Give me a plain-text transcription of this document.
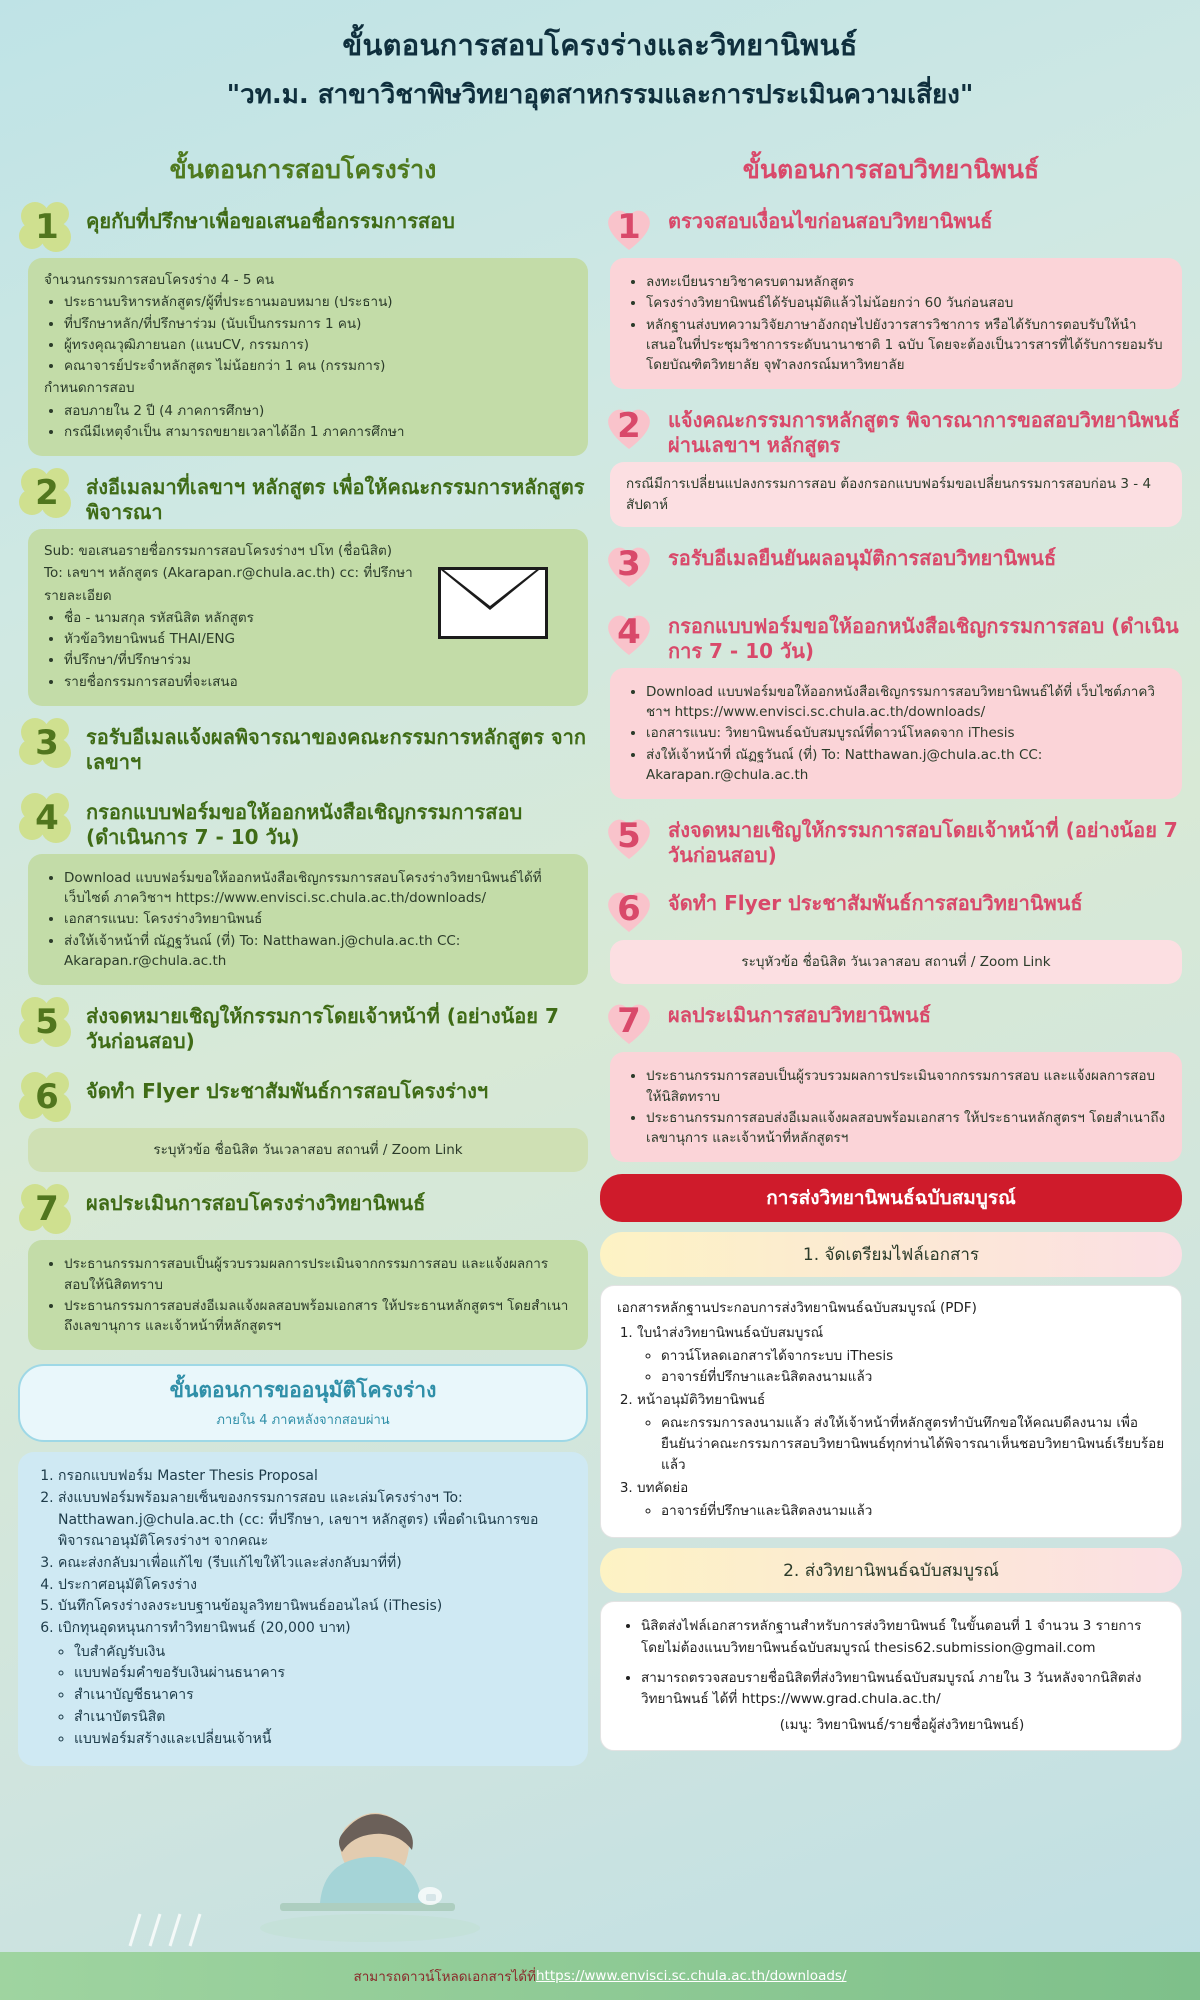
ขั้นตอนการสอบโครงร่างและวิทยานิพนธ์
"วท.ม. สาขาวิชาพิษวิทยาอุตสาหกรรมและการประเมินความเสี่ยง"
ขั้นตอนการสอบโครงร่าง
1	คุยกับที่ปรึกษาเพื่อขอเสนอชื่อกรรมการสอบ

จำนวนกรรมการสอบโครงร่าง 4 - 5 คน

• ประธานบริหารหลักสูตร/ผู้ที่ประธานมอบหมาย (ประธาน)
• ที่ปรึกษาหลัก/ที่ปรึกษาร่วม (นับเป็นกรรมการ 1 คน)
• ผู้ทรงคุณวุฒิภายนอก (แนบCV, กรรมการ)
• คณาจารย์ประจำหลักสูตร ไม่น้อยกว่า 1 คน (กรรมการ)

กำหนดการสอบ

• สอบภายใน 2 ปี (4 ภาคการศึกษา)
• กรณีมีเหตุจำเป็น สามารถขยายเวลาได้อีก 1 ภาคการศึกษา
2	ส่งอีเมลมาที่เลขาฯ หลักสูตร เพื่อให้คณะกรรมการหลักสูตรพิจารณา

Sub: ขอเสนอรายชื่อกรรมการสอบโครงร่างฯ ปโท (ชื่อนิสิต)

To: เลขาฯ หลักสูตร (Akarapan.r@chula.ac.th) cc: ที่ปรึกษา

รายละเอียด

• ชื่อ - นามสกุล รหัสนิสิต หลักสูตร
• หัวข้อวิทยานิพนธ์ THAI/ENG
• ที่ปรึกษา/ที่ปรึกษาร่วม
• รายชื่อกรรมการสอบที่จะเสนอ
3	รอรับอีเมลแจ้งผลพิจารณาของคณะกรรมการหลักสูตร จากเลขาฯ
4	กรอกแบบฟอร์มขอให้ออกหนังสือเชิญกรรมการสอบ (ดำเนินการ 7 - 10 วัน)
• Download แบบฟอร์มขอให้ออกหนังสือเชิญกรรมการสอบโครงร่างวิทยานิพนธ์ได้ที่ เว็บไซต์ ภาควิชาฯ https://www.envisci.sc.chula.ac.th/downloads/
• เอกสารแนบ: โครงร่างวิทยานิพนธ์
• ส่งให้เจ้าหน้าที่ ณัฏฐวันณ์ (ที่) To: Natthawan.j@chula.ac.th CC: Akarapan.r@chula.ac.th
5	ส่งจดหมายเชิญให้กรรมการโดยเจ้าหน้าที่ (อย่างน้อย 7 วันก่อนสอบ)
6	จัดทำ Flyer ประชาสัมพันธ์การสอบโครงร่างฯ
ระบุหัวข้อ ชื่อนิสิต วันเวลาสอบ สถานที่ / Zoom Link
7	ผลประเมินการสอบโครงร่างวิทยานิพนธ์
• ประธานกรรมการสอบเป็นผู้รวบรวมผลการประเมินจากกรรมการสอบ และแจ้งผลการสอบให้นิสิตทราบ
• ประธานกรรมการสอบส่งอีเมลแจ้งผลสอบพร้อมเอกสาร ให้ประธานหลักสูตรฯ โดยสำเนาถึงเลขานุการ และเจ้าหน้าที่หลักสูตรฯ
ขั้นตอนการขออนุมัติโครงร่าง
ภายใน 4 ภาคหลังจากสอบผ่าน
1. กรอกแบบฟอร์ม Master Thesis Proposal
2. ส่งแบบฟอร์มพร้อมลายเซ็นของกรรมการสอบ และเล่มโครงร่างฯ To: Natthawan.j@chula.ac.th (cc: ที่ปรึกษา, เลขาฯ หลักสูตร) เพื่อดำเนินการขอพิจารณาอนุมัติโครงร่างฯ จากคณะ
3. คณะส่งกลับมาเพื่อแก้ไข (รีบแก้ไขให้ไวและส่งกลับมาที่ที่)
4. ประกาศอนุมัติโครงร่าง
5. บันทึกโครงร่างลงระบบฐานข้อมูลวิทยานิพนธ์ออนไลน์ (iThesis)
6. เบิกทุนอุดหนุนการทำวิทยานิพนธ์ (20,000 บาท)
◦ ใบสำคัญรับเงิน
◦ แบบฟอร์มคำขอรับเงินผ่านธนาคาร
◦ สำเนาบัญชีธนาคาร
◦ สำเนาบัตรนิสิต
◦ แบบฟอร์มสร้างและเปลี่ยนเจ้าหนี้
ขั้นตอนการสอบวิทยานิพนธ์
1	ตรวจสอบเงื่อนไขก่อนสอบวิทยานิพนธ์
• ลงทะเบียนรายวิชาครบตามหลักสูตร
• โครงร่างวิทยานิพนธ์ได้รับอนุมัติแล้วไม่น้อยกว่า 60 วันก่อนสอบ
• หลักฐานส่งบทความวิจัยภาษาอังกฤษไปยังวารสารวิชาการ หรือได้รับการตอบรับให้นำเสนอในที่ประชุมวิชาการระดับนานาชาติ 1 ฉบับ โดยจะต้องเป็นวารสารที่ได้รับการยอมรับโดยบัณฑิตวิทยาลัย จุฬาลงกรณ์มหาวิทยาลัย
2	แจ้งคณะกรรมการหลักสูตร พิจารณาการขอสอบวิทยานิพนธ์ ผ่านเลขาฯ หลักสูตร
กรณีมีการเปลี่ยนแปลงกรรมการสอบ ต้องกรอกแบบฟอร์มขอเปลี่ยนกรรมการสอบก่อน 3 - 4 สัปดาห์
3	รอรับอีเมลยืนยันผลอนุมัติการสอบวิทยานิพนธ์
4	กรอกแบบฟอร์มขอให้ออกหนังสือเชิญกรรมการสอบ (ดำเนินการ 7 - 10 วัน)
• Download แบบฟอร์มขอให้ออกหนังสือเชิญกรรมการสอบวิทยานิพนธ์ได้ที่ เว็บไซต์ภาควิชาฯ https://www.envisci.sc.chula.ac.th/downloads/
• เอกสารแนบ: วิทยานิพนธ์ฉบับสมบูรณ์ที่ดาวน์โหลดจาก iThesis
• ส่งให้เจ้าหน้าที่ ณัฏฐวันณ์ (ที่) To: Natthawan.j@chula.ac.th CC: Akarapan.r@chula.ac.th
5	ส่งจดหมายเชิญให้กรรมการสอบโดยเจ้าหน้าที่ (อย่างน้อย 7 วันก่อนสอบ)
6	จัดทำ Flyer ประชาสัมพันธ์การสอบวิทยานิพนธ์
ระบุหัวข้อ ชื่อนิสิต วันเวลาสอบ สถานที่ / Zoom Link
7	ผลประเมินการสอบวิทยานิพนธ์
• ประธานกรรมการสอบเป็นผู้รวบรวมผลการประเมินจากกรรมการสอบ และแจ้งผลการสอบให้นิสิตทราบ
• ประธานกรรมการสอบส่งอีเมลแจ้งผลสอบพร้อมเอกสาร ให้ประธานหลักสูตรฯ โดยสำเนาถึงเลขานุการ และเจ้าหน้าที่หลักสูตรฯ
การส่งวิทยานิพนธ์ฉบับสมบูรณ์
1. จัดเตรียมไฟล์เอกสาร
เอกสารหลักฐานประกอบการส่งวิทยานิพนธ์ฉบับสมบูรณ์ (PDF)
1. ใบนำส่งวิทยานิพนธ์ฉบับสมบูรณ์
◦ ดาวน์โหลดเอกสารได้จากระบบ iThesis
◦ อาจารย์ที่ปรึกษาและนิสิตลงนามแล้ว
2. หน้าอนุมัติวิทยานิพนธ์
◦ คณะกรรมการลงนามแล้ว ส่งให้เจ้าหน้าที่หลักสูตรทำบันทึกขอให้คณบดีลงนาม เพื่อยืนยันว่าคณะกรรมการสอบวิทยานิพนธ์ทุกท่านได้พิจารณาเห็นชอบวิทยานิพนธ์เรียบร้อยแล้ว
3. บทคัดย่อ
◦ อาจารย์ที่ปรึกษาและนิสิตลงนามแล้ว
2. ส่งวิทยานิพนธ์ฉบับสมบูรณ์
• นิสิตส่งไฟล์เอกสารหลักฐานสำหรับการส่งวิทยานิพนธ์ ในขั้นตอนที่ 1 จำนวน 3 รายการ โดยไม่ต้องแนบวิทยานิพนธ์ฉบับสมบูรณ์ thesis62.submission@gmail.com
• สามารถตรวจสอบรายชื่อนิสิตที่ส่งวิทยานิพนธ์ฉบับสมบูรณ์ ภายใน 3 วันหลังจากนิสิตส่งวิทยานิพนธ์ ได้ที่ https://www.grad.chula.ac.th/
(เมนู: วิทยานิพนธ์/รายชื่อผู้ส่งวิทยานิพนธ์)
สามารถดาวน์โหลดเอกสารได้ที่ https://www.envisci.sc.chula.ac.th/downloads/
